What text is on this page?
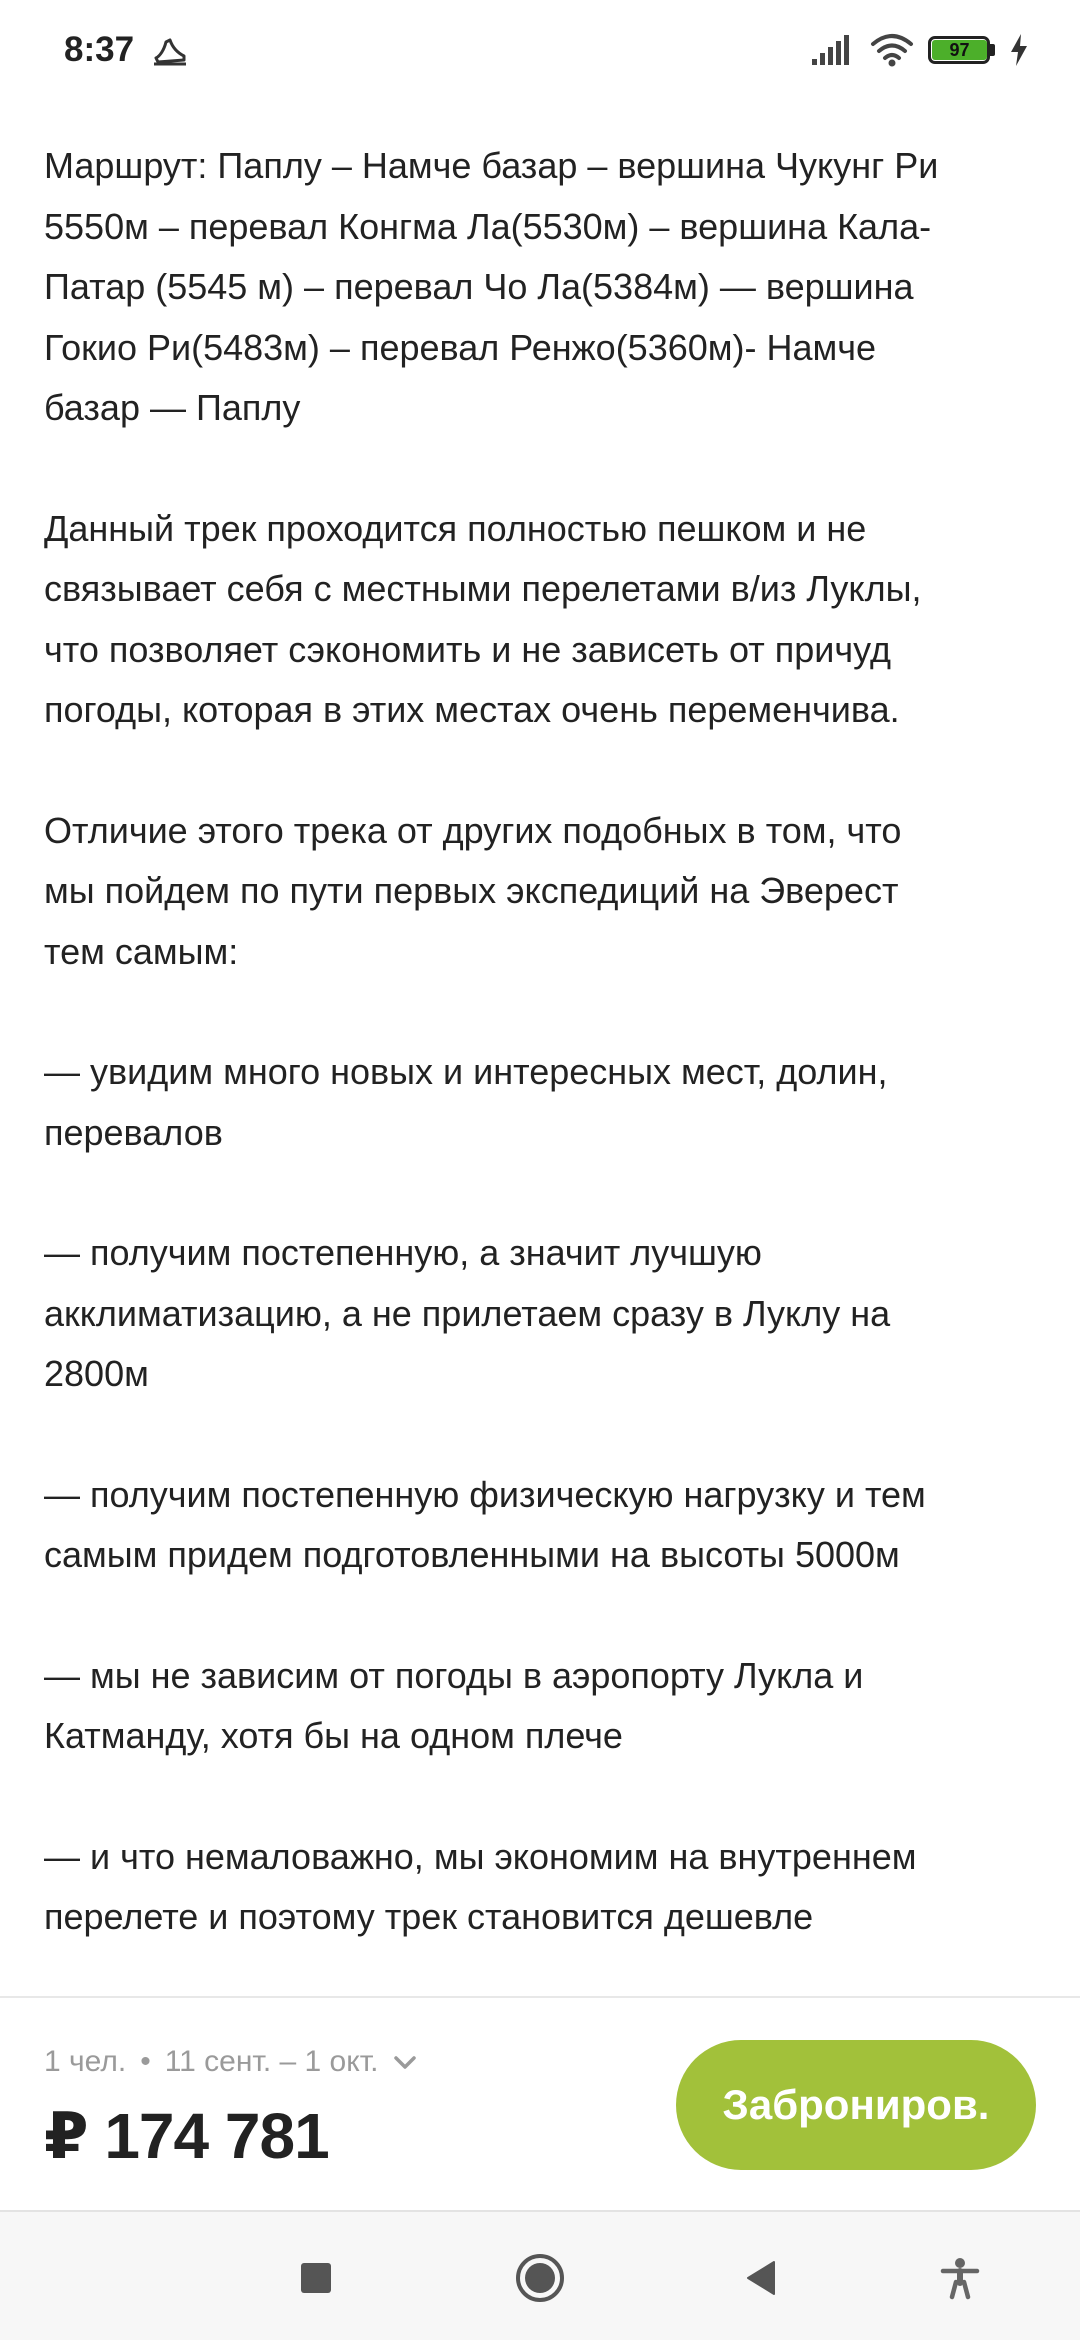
8:37	97

Маршрут: Паплу – Намче базар – вершина Чукунг Ри
5550м – перевал Конгма Ла(5530м) – вершина Кала-
Патар (5545 м) – перевал Чо Ла(5384м) — вершина
Гокио Ри(5483м) – перевал Ренжо(5360м)- Намче
базар — Паплу

Данный трек проходится полностью пешком и не
связывает себя с местными перелетами в/из Луклы,
что позволяет сэкономить и не зависеть от причуд
погоды, которая в этих местах очень переменчива.

Отличие этого трека от других подобных в том, что
мы пойдем по пути первых экспедиций на Эверест
тем самым:

— увидим много новых и интересных мест, долин,
перевалов

— получим постепенную, а значит лучшую
акклиматизацию, а не прилетаем сразу в Луклу на
2800м

— получим постепенную физическую нагрузку и тем
самым придем подготовленными на высоты 5000м

— мы не зависим от погоды в аэропорту Лукла и
Катманду, хотя бы на одном плече

— и что немаловажно, мы экономим на внутреннем
перелете и поэтому трек становится дешевле

1 чел. • 11 сент. – 1 окт.
₽ 174 781	Заброниров.
